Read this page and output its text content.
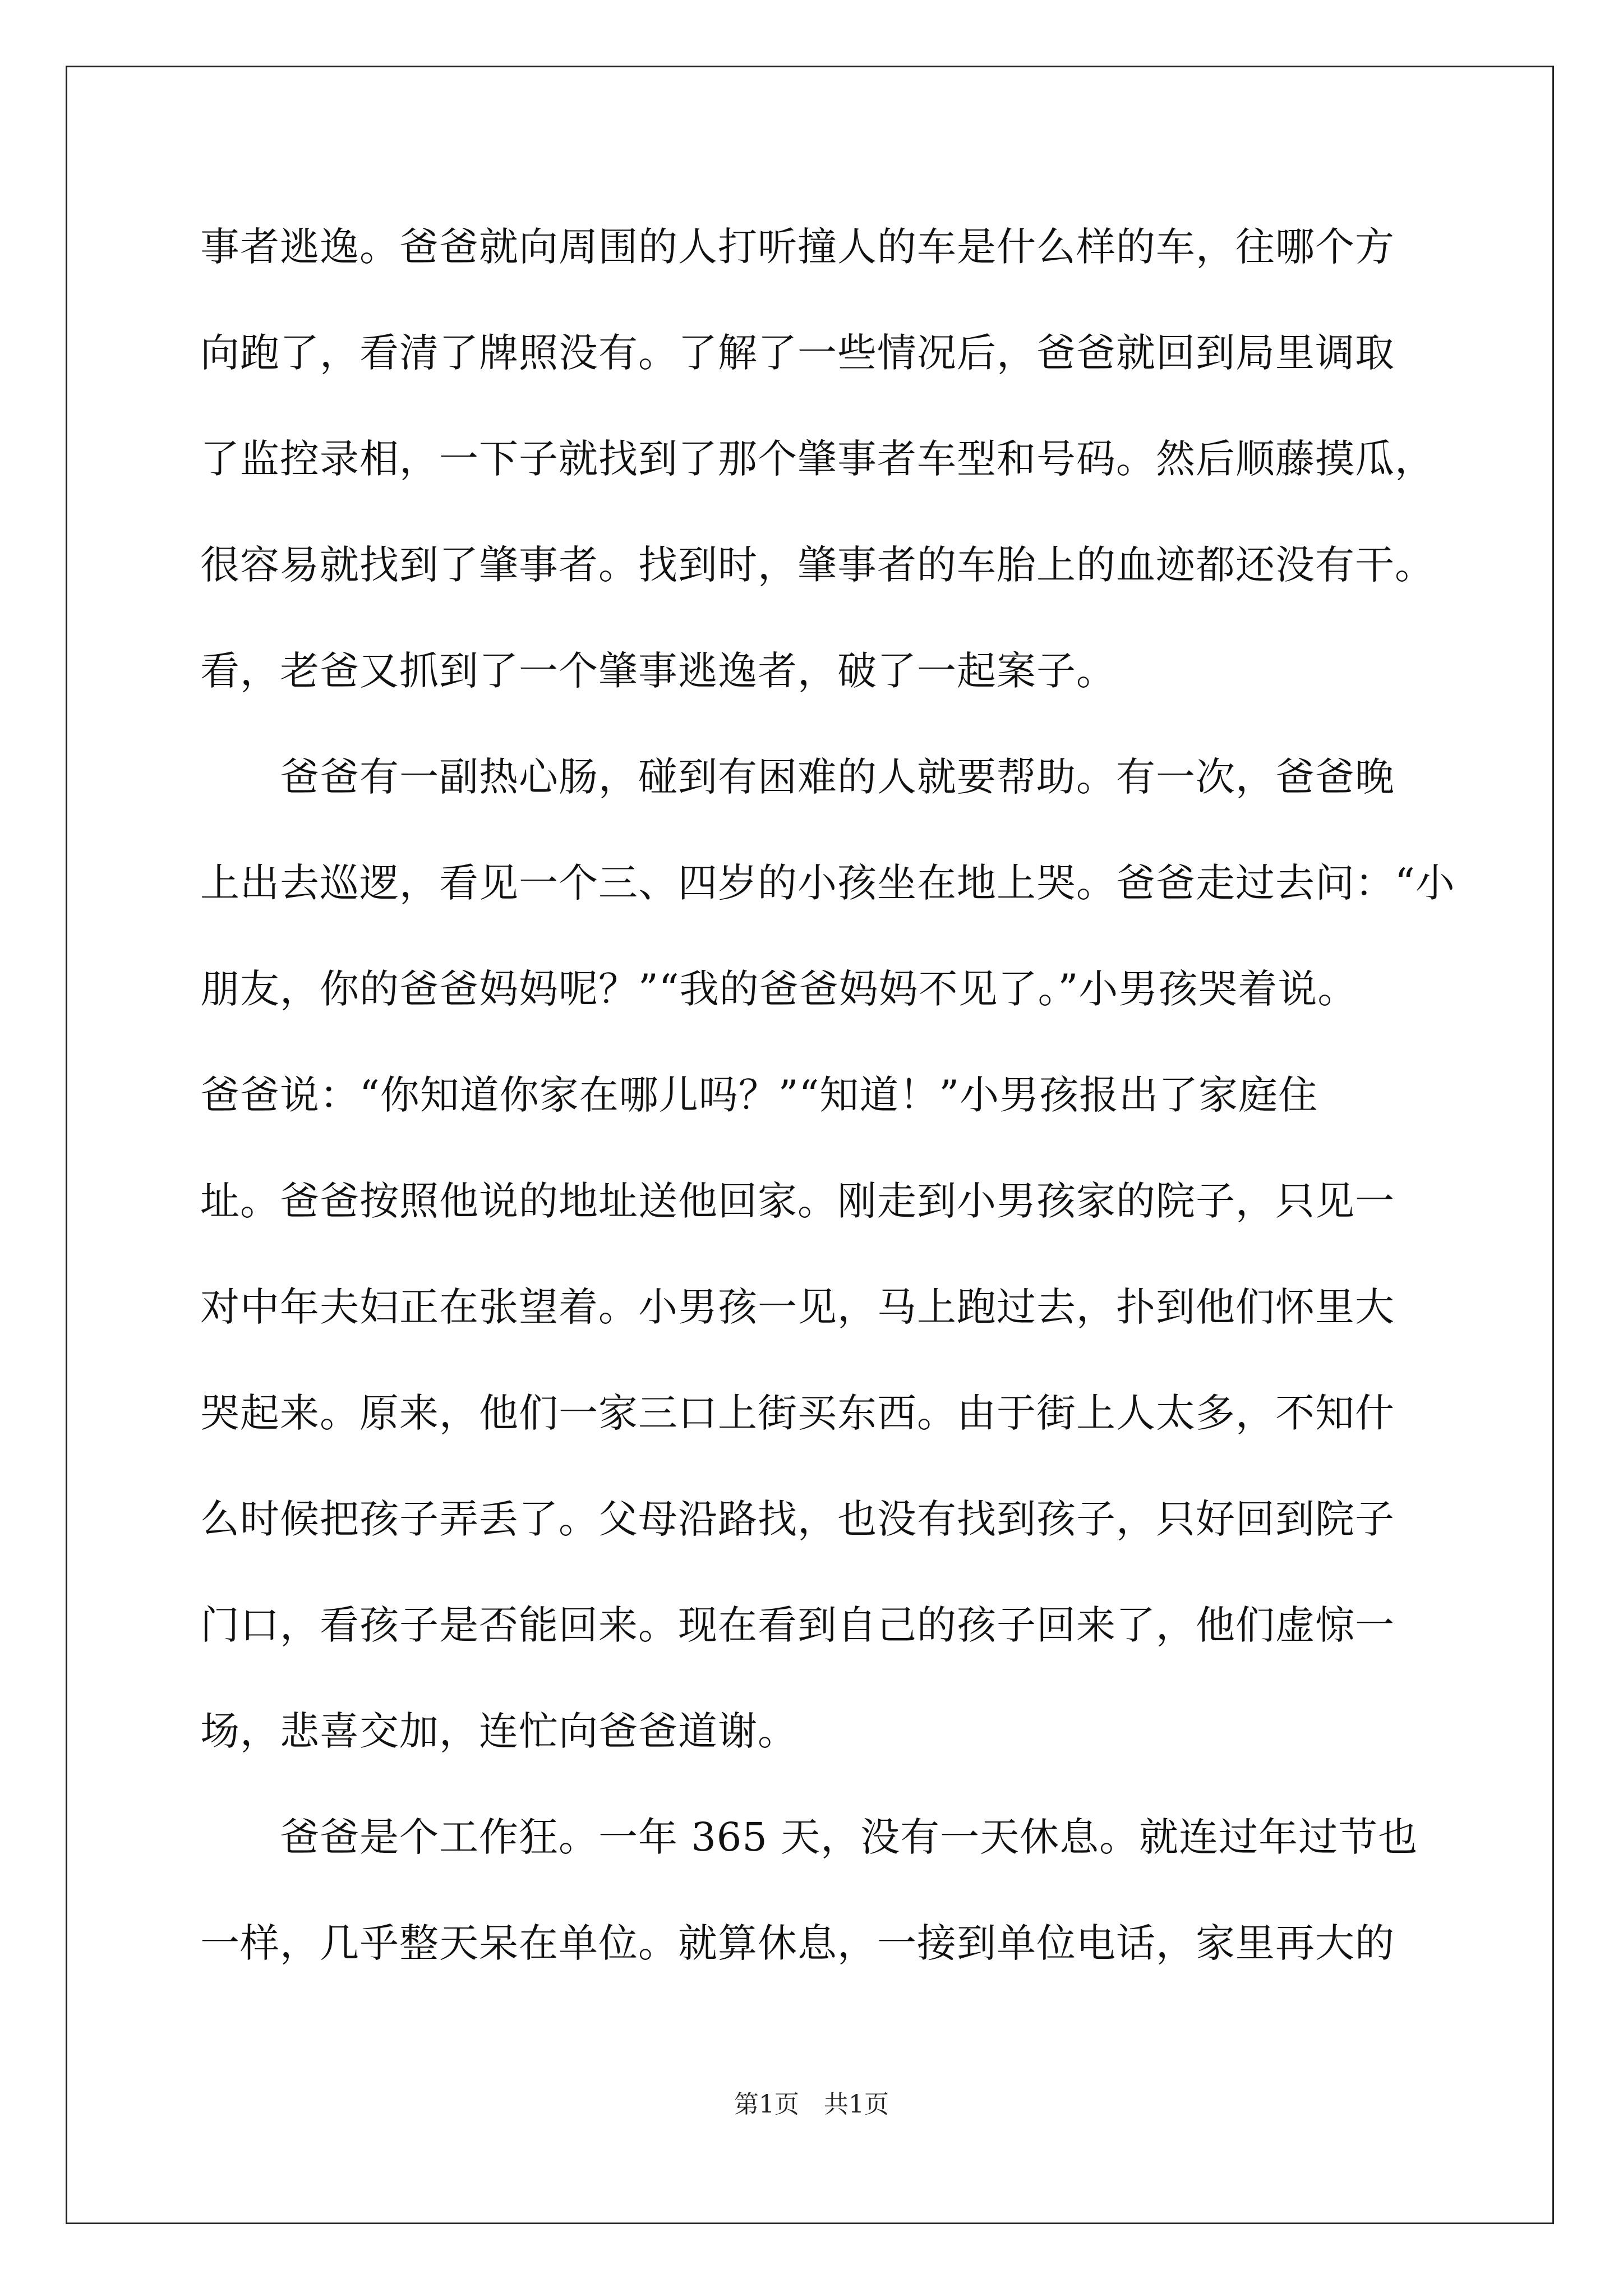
事者逃逸。爸爸就向周围的人打听撞人的车是什么样的车，往哪个方
向跑了，看清了牌照没有。了解了一些情况后，爸爸就回到局里调取
了监控录相，一下子就找到了那个肇事者车型和号码。然后顺藤摸瓜，
很容易就找到了肇事者。找到时，肇事者的车胎上的血迹都还没有干。
看，老爸又抓到了一个肇事逃逸者，破了一起案子。
爸爸有一副热心肠，碰到有困难的人就要帮助。有一次，爸爸晚
上出去巡逻，看见一个三、四岁的小孩坐在地上哭。爸爸走过去问：“小
朋友，你的爸爸妈妈呢？”“我的爸爸妈妈不见了。”小男孩哭着说。
爸爸说：“你知道你家在哪儿吗？”“知道！”小男孩报出了家庭住
址。爸爸按照他说的地址送他回家。刚走到小男孩家的院子，只见一
对中年夫妇正在张望着。小男孩一见，马上跑过去，扑到他们怀里大
哭起来。原来，他们一家三口上街买东西。由于街上人太多，不知什
么时候把孩子弄丢了。父母沿路找，也没有找到孩子，只好回到院子
门口，看孩子是否能回来。现在看到自己的孩子回来了，他们虚惊一
场，悲喜交加，连忙向爸爸道谢。
爸爸是个工作狂。一年 365 天，没有一天休息。就连过年过节也
一样，几乎整天呆在单位。就算休息，一接到单位电话，家里再大的
第1页　共1页
